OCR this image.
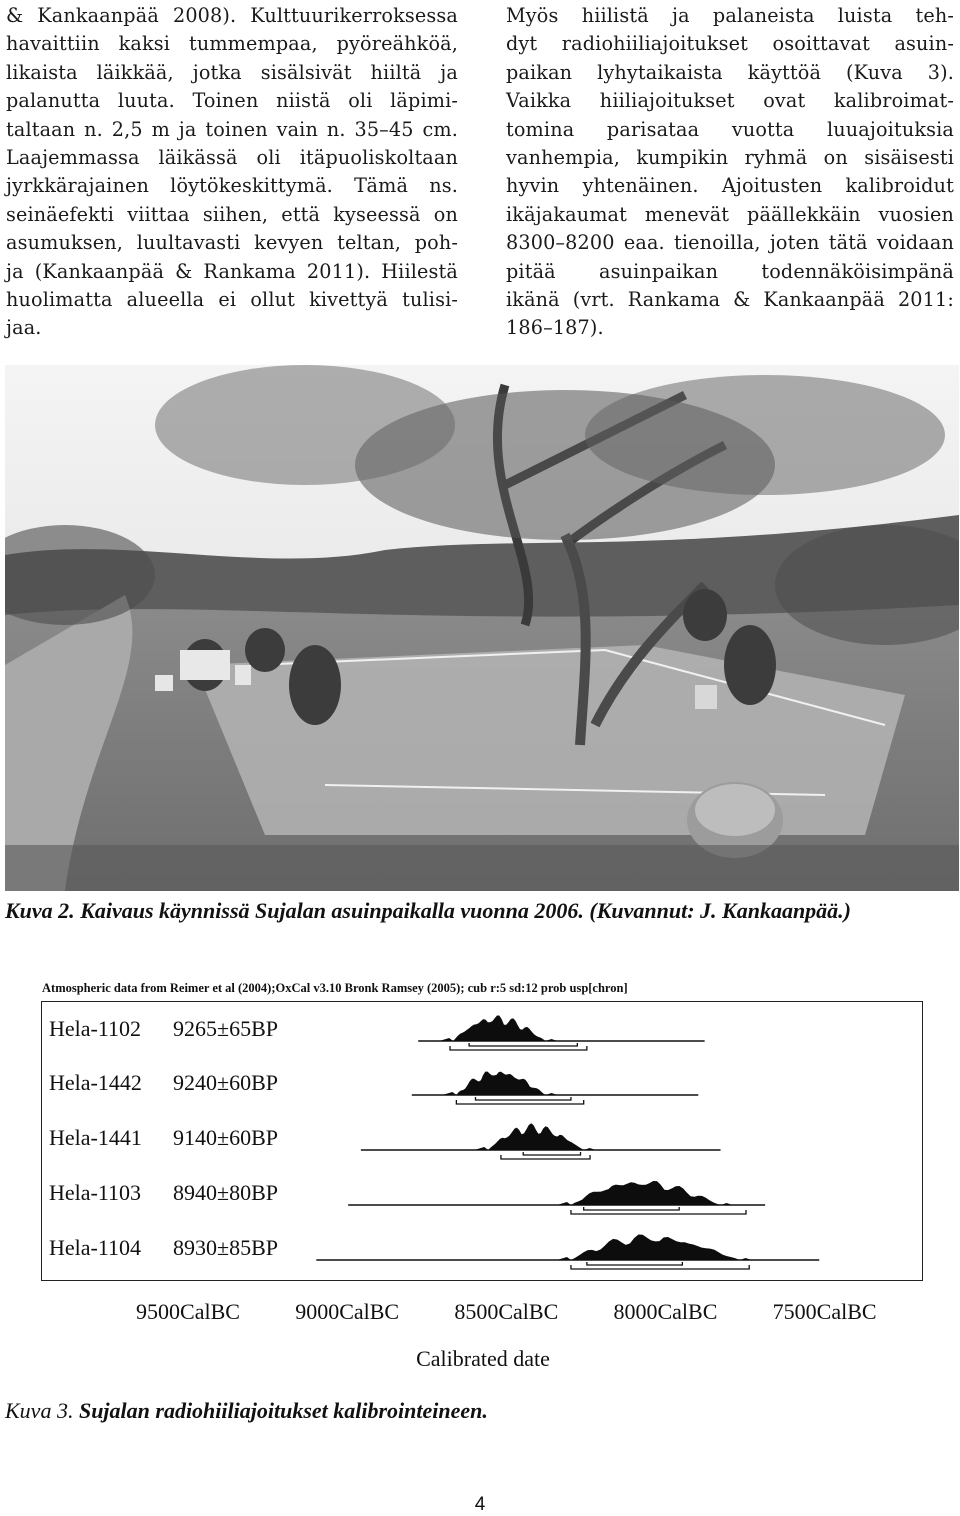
& Kankaanpää 2008). Kulttuurikerroksessa
havaittiin kaksi tummempaa, pyöreähköä,
likaista läikkää, jotka sisälsivät hiiltä ja
palanutta luuta. Toinen niistä oli läpimi-
taltaan n. 2,5 m ja toinen vain n. 35–45 cm.
Laajemmassa läikässä oli itäpuoliskoltaan
jyrkkärajainen löytökeskittymä. Tämä ns.
seinäefekti viittaa siihen, että kyseessä on
asumuksen, luultavasti kevyen teltan, poh-
ja (Kankaanpää & Rankama 2011). Hiilestä
huolimatta alueella ei ollut kivettyä tulisi-
jaa.
Myös hiilistä ja palaneista luista teh-
dyt radiohiiliajoitukset osoittavat asuin-
paikan lyhytaikaista käyttöä (Kuva 3).
Vaikka hiiliajoitukset ovat kalibroimat-
tomina parisataa vuotta luuajoituksia
vanhempia, kumpikin ryhmä on sisäisesti
hyvin yhtenäinen. Ajoitusten kalibroidut
ikäjakaumat menevät päällekkäin vuosien
8300–8200 eaa. tienoilla, joten tätä voidaan
pitää asuinpaikan todennäköisimpänä
ikänä (vrt. Rankama & Kankaanpää 2011:
186–187).
Kuva 2. Kaivaus käynnissä Sujalan asuinpaikalla vuonna 2006. (Kuvannut: J. Kankaanpää.)
Atmospheric data from Reimer et al (2004);OxCal v3.10 Bronk Ramsey (2005); cub r:5 sd:12 prob usp[chron]
Hela-1102 9265±65BP
Hela-1442 9240±60BP
Hela-1441 9140±60BP
Hela-1103 8940±80BP
Hela-1104 8930±85BP
9500CalBC	9000CalBC	8500CalBC	8000CalBC	7500CalBC
Calibrated date
Kuva 3. Sujalan radiohiiliajoitukset kalibrointeineen.
4
